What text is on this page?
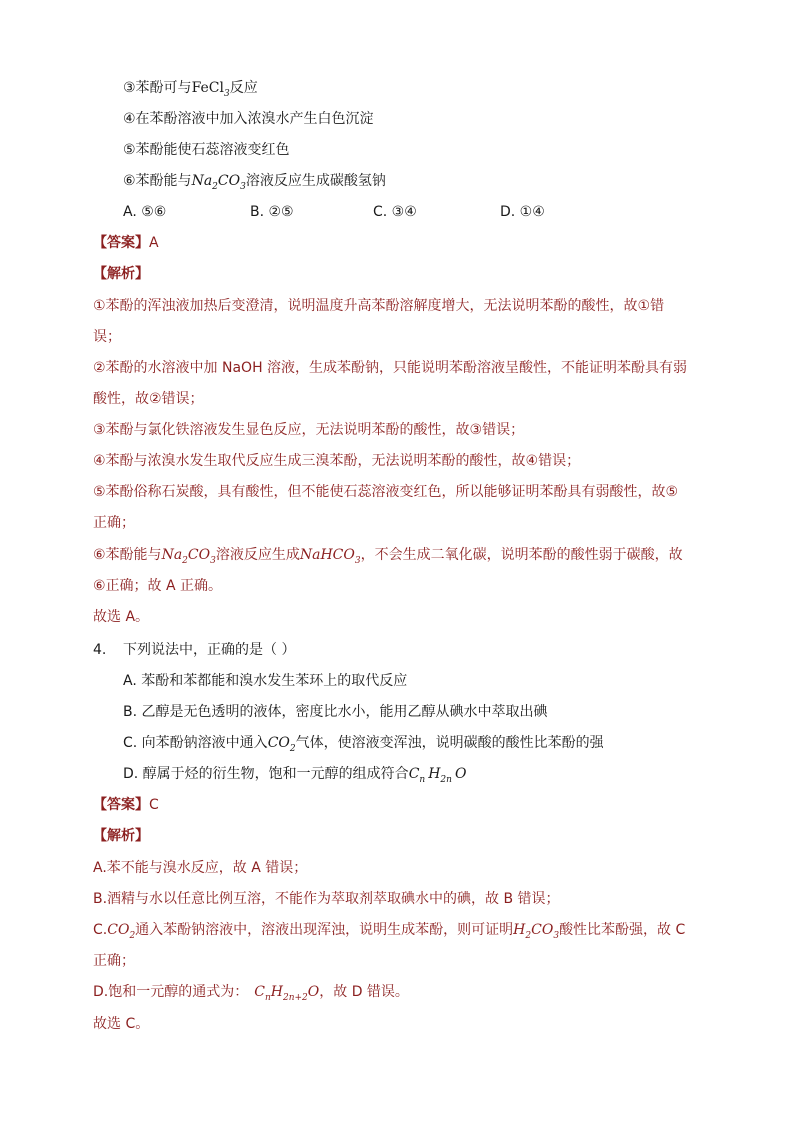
③苯酚可与FeCl$_3$反应
④在苯酚溶液中加入浓溴水产生白色沉淀
⑤苯酚能使石蕊溶液变红色
⑥苯酚能与$Na_2CO_3$溶液反应生成碳酸氢钠
A. ⑤⑥	B. ②⑤	C. ③④	D. ①④
【答案】A
【解析】
①苯酚的浑浊液加热后变澄清，说明温度升高苯酚溶解度增大，无法说明苯酚的酸性，故①错
误；
②苯酚的水溶液中加 NaOH 溶液，生成苯酚钠，只能说明苯酚溶液呈酸性，不能证明苯酚具有弱
酸性，故②错误；
③苯酚与氯化铁溶液发生显色反应，无法说明苯酚的酸性，故③错误；
④苯酚与浓溴水发生取代反应生成三溴苯酚，无法说明苯酚的酸性，故④错误；
⑤苯酚俗称石炭酸，具有酸性，但不能使石蕊溶液变红色，所以能够证明苯酚具有弱酸性，故⑤
正确；
⑥苯酚能与$Na_2CO_3$溶液反应生成NaHCO$_3$，不会生成二氧化碳，说明苯酚的酸性弱于碳酸，故
⑥正确；故 A 正确。
故选 A。
4. 下列说法中，正确的是（ ）
A. 苯酚和苯都能和溴水发生苯环上的取代反应
B. 乙醇是无色透明的液体，密度比水小，能用乙醇从碘水中萃取出碘
C. 向苯酚钠溶液中通入$CO_2$气体，使溶液变浑浊，说明碳酸的酸性比苯酚的强
D. 醇属于烃的衍生物，饱和一元醇的组成符合$C_n$ $H_{2n}$ O
【答案】C
【解析】
A.苯不能与溴水反应，故 A 错误；
B.酒精与水以任意比例互溶，不能作为萃取剂萃取碘水中的碘，故 B 错误；
$C.CO_2$通入苯酚钠溶液中，溶液出现浑浊，说明生成苯酚，则可证明$H_2CO_3$酸性比苯酚强，故 C
正确；
D.饱和一元醇的通式为： $C_nH_{2n+2}O$，故 D 错误。
故选 C。
